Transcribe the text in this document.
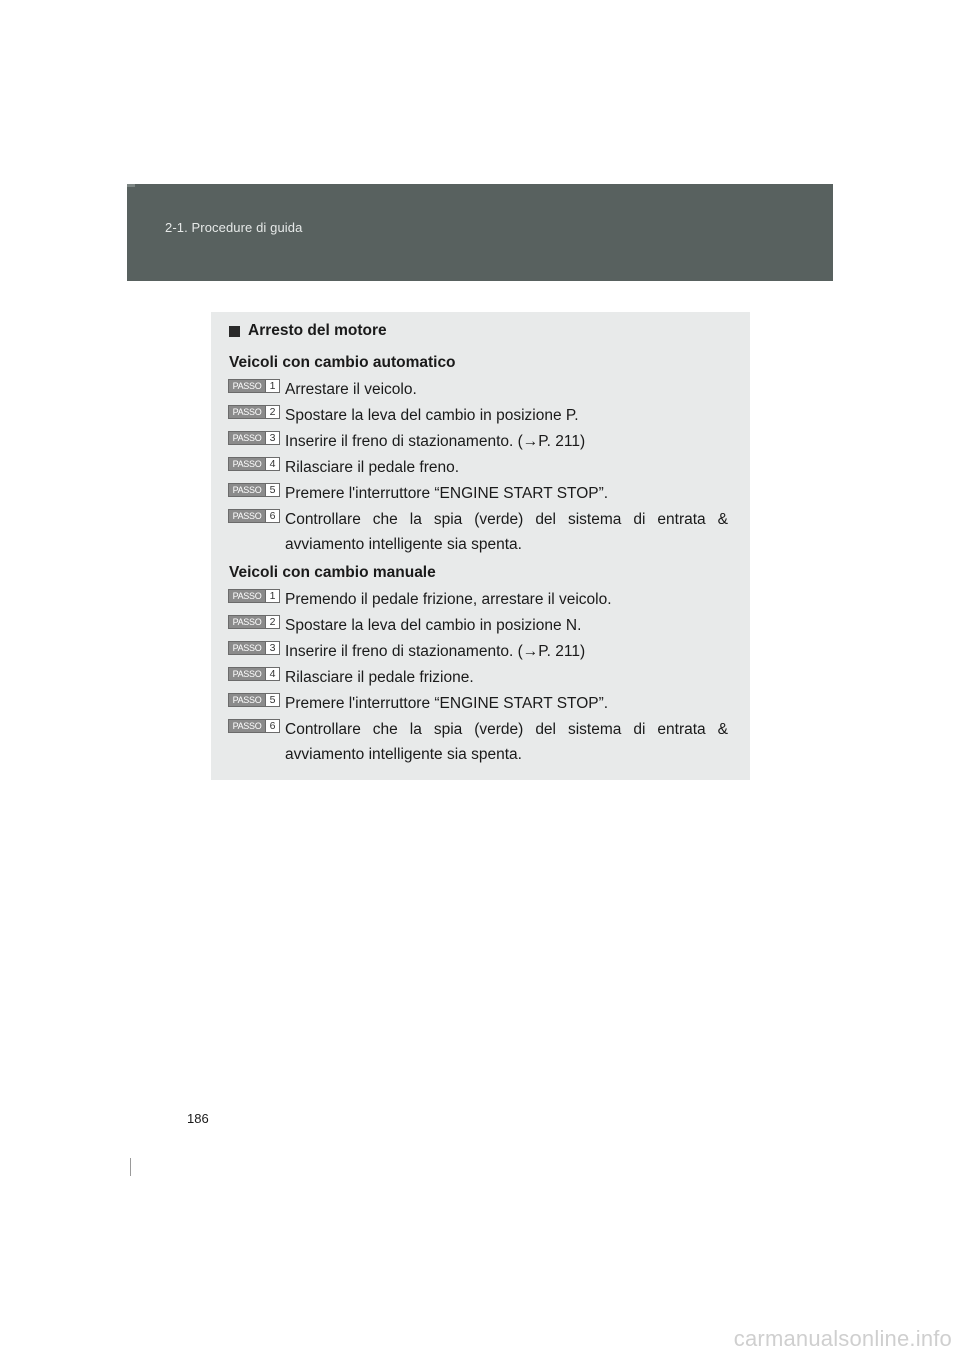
2-1. Procedure di guida
Arresto del motore
Veicoli con cambio automatico
PASSO 1 Arrestare il veicolo.
PASSO 2 Spostare la leva del cambio in posizione P.
PASSO 3 Inserire il freno di stazionamento. (→P. 211)
PASSO 4 Rilasciare il pedale freno.
PASSO 5 Premere l'interruttore “ENGINE START STOP”.
PASSO 6 Controllare che la spia (verde) del sistema di entrata & avviamento intelligente sia spenta.
Veicoli con cambio manuale
PASSO 1 Premendo il pedale frizione, arrestare il veicolo.
PASSO 2 Spostare la leva del cambio in posizione N.
PASSO 3 Inserire il freno di stazionamento. (→P. 211)
PASSO 4 Rilasciare il pedale frizione.
PASSO 5 Premere l'interruttore “ENGINE START STOP”.
PASSO 6 Controllare che la spia (verde) del sistema di entrata & avviamento intelligente sia spenta.
186
carmanualsonline.info
